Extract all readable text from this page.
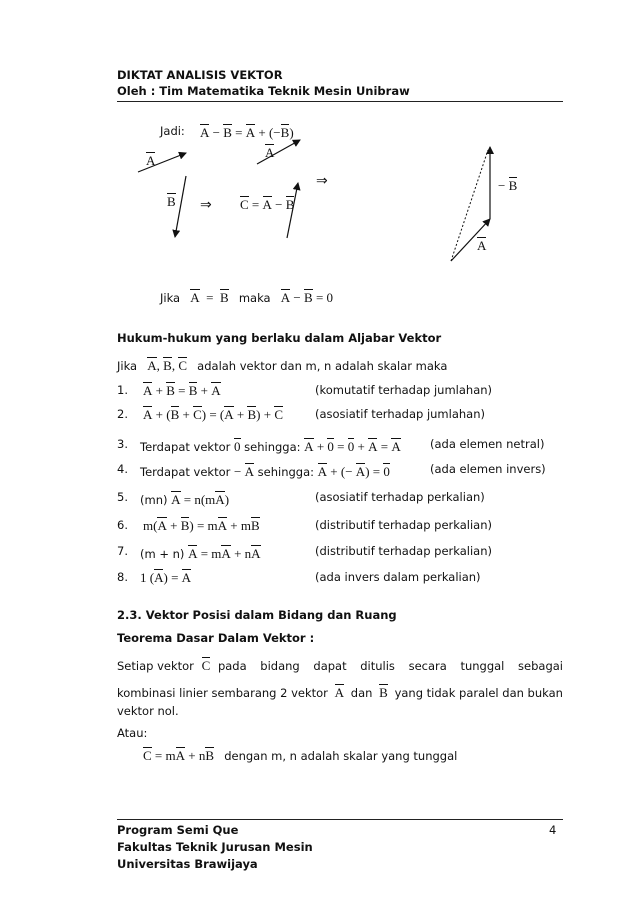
DIKTAT ANALISIS VEKTOR
Oleh : Tim Matematika Teknik Mesin Unibraw
Jadi: A − B = A + (−B)
A
B ⇒
A
C = A − B
⇒	− B
A
Jika A = B maka A − B = 0
Hukum-hukum yang berlaku dalam Aljabar Vektor
Jika A, B, C adalah vektor dan m, n adalah skalar maka
1. A + B = B + A	(komutatif terhadap jumlahan)
2. A + (B + C) = (A + B) + C	(asosiatif terhadap jumlahan)
3. Terdapat vektor 0 sehingga: A + 0 = 0 + A = A	(ada elemen netral)
4. Terdapat vektor − A sehingga: A + (− A) = 0	(ada elemen invers)
5. (mn) A = n(mA)	(asosiatif terhadap perkalian)
6. m(A + B) = mA + mB	(distributif terhadap perkalian)
7. (m + n) A = mA + nA	(distributif terhadap perkalian)
8. 1 (A) = A	(ada invers dalam perkalian)
2.3. Vektor Posisi dalam Bidang dan Ruang
Teorema Dasar Dalam Vektor :
Setiap vektor C pada bidang dapat ditulis secara tunggal sebagai
kombinasi linier sembarang 2 vektor A dan B yang tidak paralel dan bukan
vektor nol.
Atau:
C = mA + nB dengan m, n adalah skalar yang tunggal
Program Semi Que	4
Fakultas Teknik Jurusan Mesin
Universitas Brawijaya
